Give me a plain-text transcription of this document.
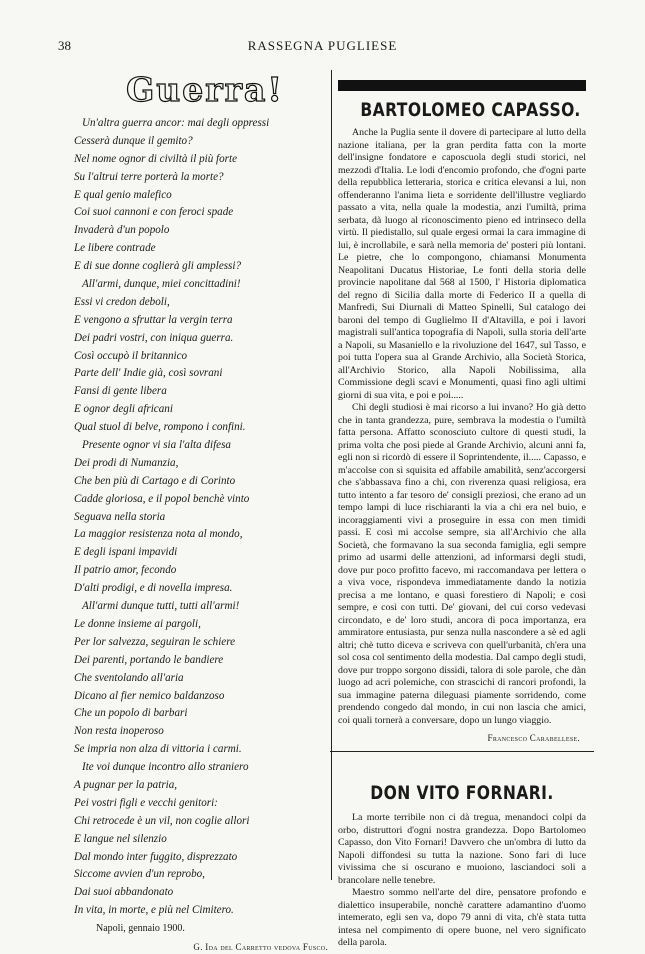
38	RASSEGNA PUGLIESE
Guerra!
Un'altra guerra ancor: mai degli oppressi
Cesserà dunque il gemito?
Nel nome ognor di civiltà il più forte
Su l'altrui terre porterà la morte?
E qual genio malefico
Coi suoi cannoni e con feroci spade
Invaderà d'un popolo
Le libere contrade
E di sue donne coglierà gli amplessi?
All'armi, dunque, miei concittadini!
Essi vi credon deboli,
E vengono a sfruttar la vergin terra
Dei padri vostri, con iniqua guerra.
Così occupò il britannico
Parte dell' Indie già, così sovrani
Fansi di gente libera
E ognor degli africani
Qual stuol di belve, rompono i confini.
Presente ognor vi sia l'alta difesa
Dei prodi di Numanzia,
Che ben più di Cartago e di Corinto
Cadde gloriosa, e il popol benchè vinto
Seguava nella storia
La maggior resistenza nota al mondo,
E degli ispani impavidi
Il patrio amor, fecondo
D'alti prodigi, e di novella impresa.
All'armi dunque tutti, tutti all'armi!
Le donne insieme ai pargoli,
Per lor salvezza, seguiran le schiere
Dei parenti, portando le bandiere
Che sventolando all'aria
Dicano al fier nemico baldanzoso
Che un popolo di barbari
Non resta inoperoso
Se impria non alza di vittoria i carmi.
Ite voi dunque incontro allo straniero
A pugnar per la patria,
Pei vostri figli e vecchi genitori:
Chi retrocede è un vil, non coglie allori
E langue nel silenzio
Dal mondo inter fuggito, disprezzato
Siccome avvien d'un reprobo,
Dai suoi abbandonato
In vita, in morte, e più nel Cimitero.
Napoli, gennaio 1900.
G. Ida del Carretto vedova Fusco.
BARTOLOMEO CAPASSO.

Anche la Puglia sente il dovere di partecipare al lutto della nazione italiana, per la gran perdita fatta con la morte dell'insigne fondatore e caposcuola degli studi storici, nel mezzodì d'Italia. Le lodi d'encomio profondo, che d'ogni parte della repubblica letteraria, storica e critica elevansi a lui, non offenderanno l'anima lieta e sorridente dell'illustre vegliardo passato a vita, nella quale la modestia, anzi l'umiltà, prima serbata, dà luogo al riconoscimento pieno ed intrinseco della virtù. Il piedistallo, sul quale ergesi ormai la cara immagine di lui, è incrollabile, e sarà nella memoria de' posteri più lontani. Le pietre, che lo compongono, chiamansi Monumenta Neapolitani Ducatus Historiae, Le fonti della storia delle provincie napolitane dal 568 al 1500, l' Historia diplomatica del regno di Sicilia dalla morte di Federico II a quella di Manfredi, Sui Diurnali di Matteo Spinelli, Sul catalogo dei baroni del tempo di Guglielmo II d'Altavilla, e poi i lavori magistrali sull'antica topografia di Napoli, sulla storia dell'arte a Napoli, su Masaniello e la rivoluzione del 1647, sul Tasso, e poi tutta l'opera sua al Grande Archivio, alla Società Storica, all'Archivio Storico, alla Napoli Nobilissima, alla Commissione degli scavi e Monumenti, quasi fino agli ultimi giorni di sua vita, e poi e poi.....

Chi degli studiosi è mai ricorso a lui invano? Ho già detto che in tanta grandezza, pure, sembrava la modestia o l'umiltà fatta persona. Affatto sconosciuto cultore di questi studi, la prima volta che posi piede al Grande Archivio, alcuni anni fa, egli non si ricordò di essere il Soprintendente, il..... Capasso, e m'accolse con sì squisita ed affabile amabilità, senz'accorgersi che s'abbassava fino a chi, con riverenza quasi religiosa, era tutto intento a far tesoro de' consigli preziosi, che erano ad un tempo lampi di luce rischiaranti la via a chi era nel buio, e incoraggiamenti vivi a proseguire in essa con men timidi passi. E così mi accolse sempre, sia all'Archivio che alla Società, che formavano la sua seconda famiglia, egli sempre primo ad usarmi delle attenzioni, ad informarsi degli studi, dove pur poco profitto facevo, mi raccomandava per lettera o a viva voce, rispondeva immediatamente dando la notizia precisa a me lontano, e quasi forestiero di Napoli; e così sempre, e così con tutti. De' giovani, del cui corso vedevasi circondato, e de' loro studi, ancora di poca importanza, era ammiratore entusiasta, pur senza nulla nascondere a sè ed agli altri; chè tutto diceva e scriveva con quell'urbanità, ch'era una sol cosa col sentimento della modestia. Dal campo degli studi, dove pur troppo sorgono dissidi, talora di sole parole, che dàn luogo ad acri polemiche, con strascichi di rancori profondi, la sua immagine paterna dileguasi piamente sorridendo, come prendendo congedo dal mondo, in cui non lascia che amici, coi quali tornerà a conversare, dopo un lungo viaggio.

Francesco Carabellese.
DON VITO FORNARI.

La morte terribile non ci dà tregua, menandoci colpi da orbo, distruttori d'ogni nostra grandezza. Dopo Bartolomeo Capasso, don Vito Fornari! Davvero che un'ombra di lutto da Napoli diffondesi su tutta la nazione. Sono fari di luce vivissima che si oscurano e muoiono, lasciandoci soli a brancolare nelle tenebre.

Maestro sommo nell'arte del dire, pensatore profondo e dialettico insuperabile, nonchè carattere adamantino d'uomo intemerato, egli sen va, dopo 79 anni di vita, ch'è stata tutta intesa nel compimento di opere buone, nel vero significato della parola.
